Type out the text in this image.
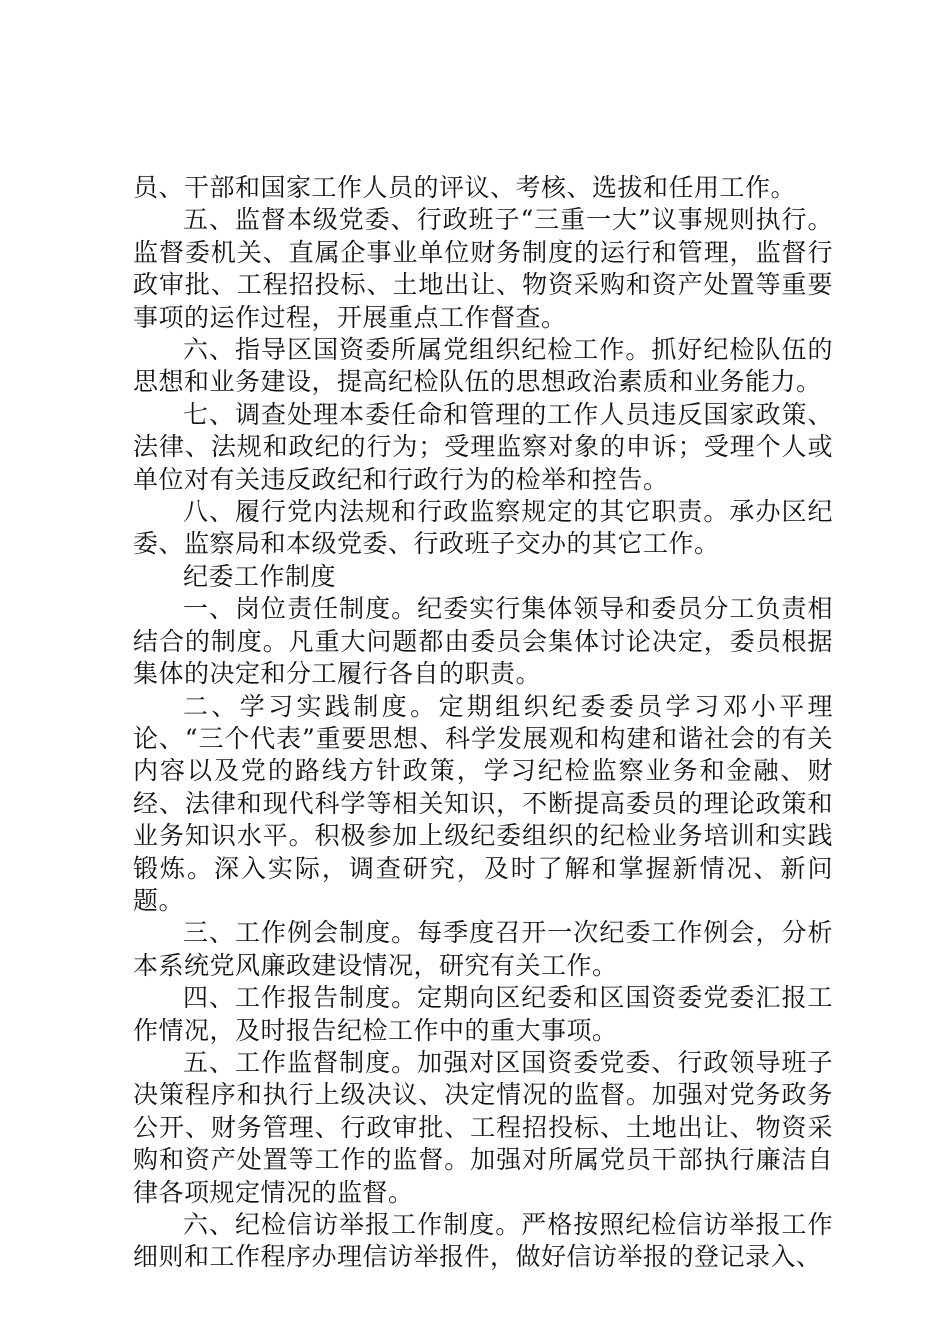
员、干部和国家工作人员的评议、考核、选拔和任用工作。

五、监督本级党委、行政班子“三重一大”议事规则执行。监督委机关、直属企事业单位财务制度的运行和管理，监督行政审批、工程招投标、土地出让、物资采购和资产处置等重要事项的运作过程，开展重点工作督查。

六、指导区国资委所属党组织纪检工作。抓好纪检队伍的思想和业务建设，提高纪检队伍的思想政治素质和业务能力。

七、调查处理本委任命和管理的工作人员违反国家政策、法律、法规和政纪的行为；受理监察对象的申诉；受理个人或单位对有关违反政纪和行政行为的检举和控告。

八、履行党内法规和行政监察规定的其它职责。承办区纪委、监察局和本级党委、行政班子交办的其它工作。

纪委工作制度

一、岗位责任制度。纪委实行集体领导和委员分工负责相结合的制度。凡重大问题都由委员会集体讨论决定，委员根据集体的决定和分工履行各自的职责。

二、学习实践制度。定期组织纪委委员学习邓小平理论、“三个代表”重要思想、科学发展观和构建和谐社会的有关内容以及党的路线方针政策，学习纪检监察业务和金融、财经、法律和现代科学等相关知识，不断提高委员的理论政策和业务知识水平。积极参加上级纪委组织的纪检业务培训和实践锻炼。深入实际，调查研究，及时了解和掌握新情况、新问题。

三、工作例会制度。每季度召开一次纪委工作例会，分析本系统党风廉政建设情况，研究有关工作。

四、工作报告制度。定期向区纪委和区国资委党委汇报工作情况，及时报告纪检工作中的重大事项。

五、工作监督制度。加强对区国资委党委、行政领导班子决策程序和执行上级决议、决定情况的监督。加强对党务政务公开、财务管理、行政审批、工程招投标、土地出让、物资采购和资产处置等工作的监督。加强对所属党员干部执行廉洁自律各项规定情况的监督。

六、纪检信访举报工作制度。严格按照纪检信访举报工作细则和工作程序办理信访举报件，做好信访举报的登记录入、
